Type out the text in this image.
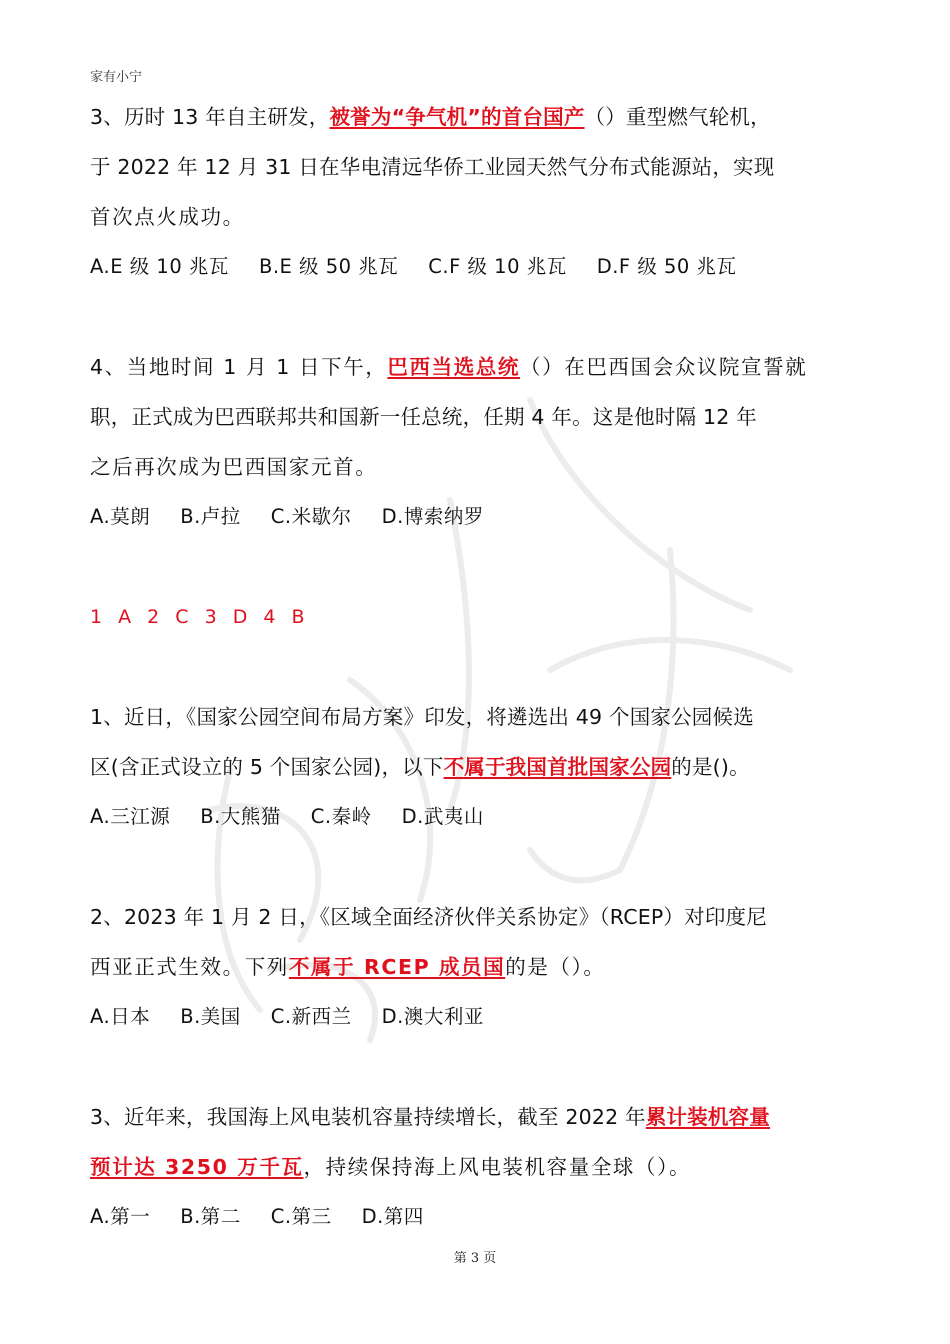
家有小宁
3、历时 13 年自主研发，被誉为“争气机”的首台国产（）重型燃气轮机，
于 2022 年 12 月 31 日在华电清远华侨工业园天然气分布式能源站，实现
首次点火成功。
A.E 级 10 兆瓦 B.E 级 50 兆瓦 C.F 级 10 兆瓦 D.F 级 50 兆瓦
4、当地时间 1 月 1 日下午，巴西当选总统（）在巴西国会众议院宣誓就
职，正式成为巴西联邦共和国新一任总统，任期 4 年。这是他时隔 12 年
之后再次成为巴西国家元首。
A.莫朗 B.卢拉 C.米歇尔 D.博索纳罗
1 A 2 C 3 D 4 B
1、近日，《国家公园空间布局方案》印发，将遴选出 49 个国家公园候选
区(含正式设立的 5 个国家公园)，以下不属于我国首批国家公园的是()。
A.三江源 B.大熊猫 C.秦岭 D.武夷山
2、2023 年 1 月 2 日，《区域全面经济伙伴关系协定》（RCEP）对印度尼
西亚正式生效。下列不属于 RCEP 成员国的是（）。
A.日本 B.美国 C.新西兰 D.澳大利亚
3、近年来，我国海上风电装机容量持续增长，截至 2022 年累计装机容量
预计达 3250 万千瓦，持续保持海上风电装机容量全球（）。
A.第一 B.第二 C.第三 D.第四
第 3 页
